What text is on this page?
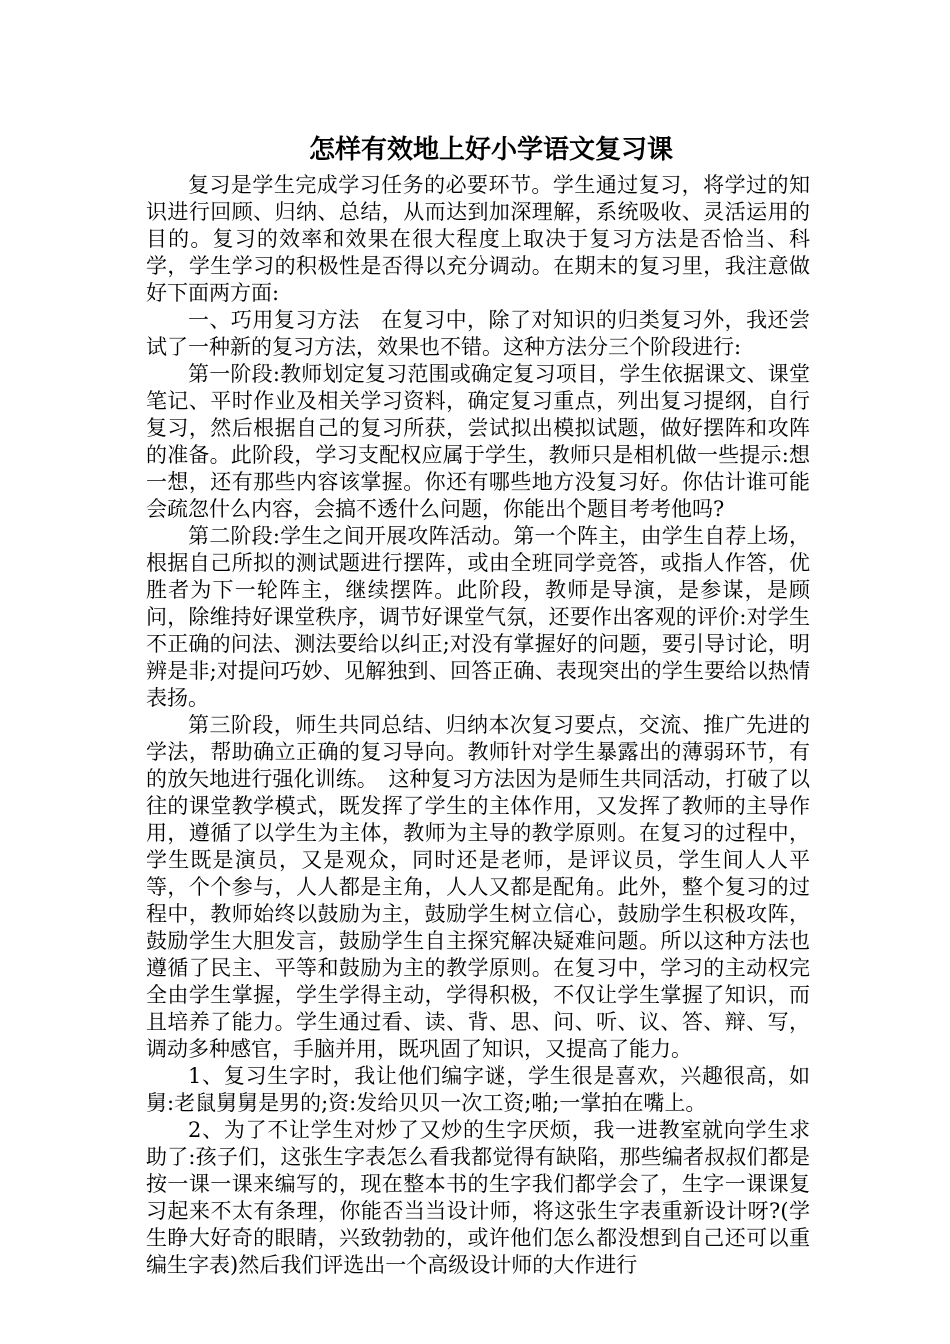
怎样有效地上好小学语文复习课

复习是学生完成学习任务的必要环节。学生通过复习，将学过的知识进行回顾、归纳、总结，从而达到加深理解，系统吸收、灵活运用的目的。复习的效率和效果在很大程度上取决于复习方法是否恰当、科学，学生学习的积极性是否得以充分调动。在期末的复习里，我注意做好下面两方面:

一、巧用复习方法　在复习中，除了对知识的归类复习外，我还尝试了一种新的复习方法，效果也不错。这种方法分三个阶段进行:

第一阶段:教师划定复习范围或确定复习项目，学生依据课文、课堂笔记、平时作业及相关学习资料，确定复习重点，列出复习提纲，自行复习，然后根据自己的复习所获，尝试拟出模拟试题，做好摆阵和攻阵的准备。此阶段，学习支配权应属于学生，教师只是相机做一些提示:想一想，还有那些内容该掌握。你还有哪些地方没复习好。你估计谁可能会疏忽什么内容，会搞不透什么问题，你能出个题目考考他吗?

第二阶段:学生之间开展攻阵活动。第一个阵主，由学生自荐上场，根据自己所拟的测试题进行摆阵，或由全班同学竞答，或指人作答，优胜者为下一轮阵主，继续摆阵。此阶段，教师是导演，是参谋，是顾问，除维持好课堂秩序，调节好课堂气氛，还要作出客观的评价:对学生不正确的问法、测法要给以纠正;对没有掌握好的问题，要引导讨论，明辨是非;对提问巧妙、见解独到、回答正确、表现突出的学生要给以热情表扬。

第三阶段，师生共同总结、归纳本次复习要点，交流、推广先进的学法，帮助确立正确的复习导向。教师针对学生暴露出的薄弱环节，有的放矢地进行强化训练。　这种复习方法因为是师生共同活动，打破了以往的课堂教学模式，既发挥了学生的主体作用，又发挥了教师的主导作用，遵循了以学生为主体，教师为主导的教学原则。在复习的过程中，学生既是演员，又是观众，同时还是老师，是评议员，学生间人人平等，个个参与，人人都是主角，人人又都是配角。此外，整个复习的过程中，教师始终以鼓励为主，鼓励学生树立信心，鼓励学生积极攻阵，鼓励学生大胆发言，鼓励学生自主探究解决疑难问题。所以这种方法也遵循了民主、平等和鼓励为主的教学原则。在复习中，学习的主动权完全由学生掌握，学生学得主动，学得积极，不仅让学生掌握了知识，而且培养了能力。学生通过看、读、背、思、问、听、议、答、辩、写，调动多种感官，手脑并用，既巩固了知识，又提高了能力。

1、复习生字时，我让他们编字谜，学生很是喜欢，兴趣很高，如舅:老鼠舅舅是男的;资:发给贝贝一次工资;啪;一掌拍在嘴上。

2、为了不让学生对炒了又炒的生字厌烦，我一进教室就向学生求助了:孩子们，这张生字表怎么看我都觉得有缺陷，那些编者叔叔们都是按一课一课来编写的，现在整本书的生字我们都学会了，生字一课课复习起来不太有条理，你能否当当设计师，将这张生字表重新设计呀?(学生睁大好奇的眼睛，兴致勃勃的，或许他们怎么都没想到自己还可以重编生字表)然后我们评选出一个高级设计师的大作进行
